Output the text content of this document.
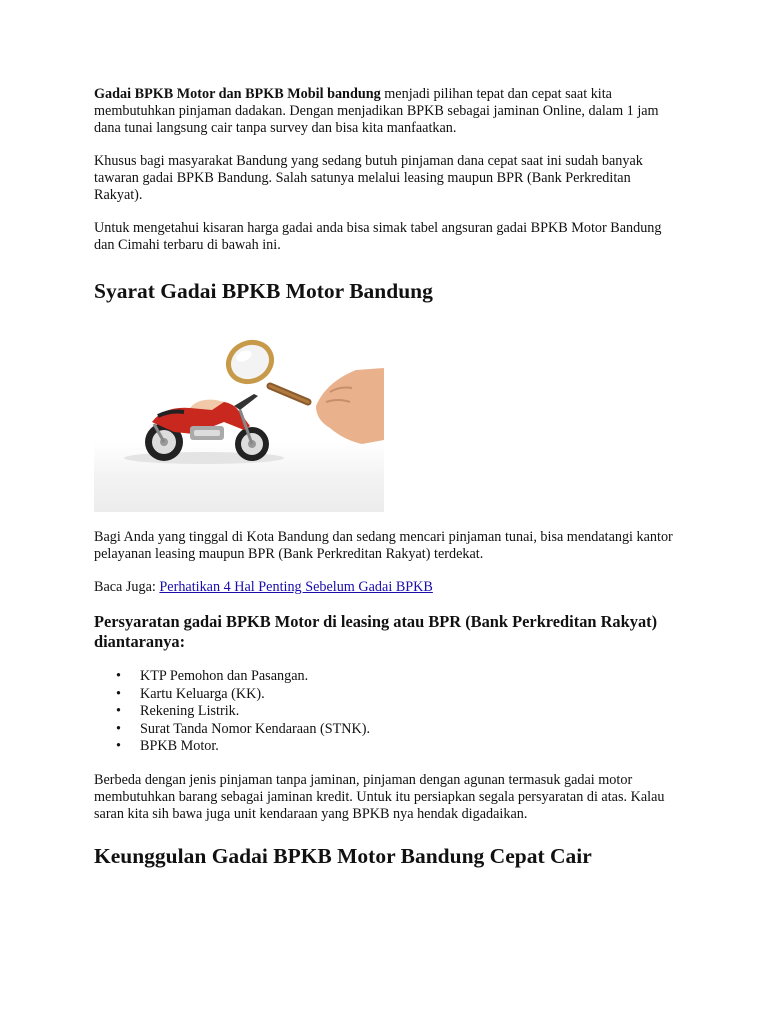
Gadai BPKB Motor dan BPKB Mobil bandung menjadi pilihan tepat dan cepat saat kita membutuhkan pinjaman dadakan. Dengan menjadikan BPKB sebagai jaminan Online, dalam 1 jam dana tunai langsung cair tanpa survey dan bisa kita manfaatkan.

Khusus bagi masyarakat Bandung yang sedang butuh pinjaman dana cepat saat ini sudah banyak tawaran gadai BPKB Bandung. Salah satunya melalui leasing maupun BPR (Bank Perkreditan Rakyat).

Untuk mengetahui kisaran harga gadai anda bisa simak tabel angsuran gadai BPKB Motor Bandung dan Cimahi terbaru di bawah ini.

Syarat Gadai BPKB Motor Bandung

Bagi Anda yang tinggal di Kota Bandung dan sedang mencari pinjaman tunai, bisa mendatangi kantor pelayanan leasing maupun BPR (Bank Perkreditan Rakyat) terdekat.

Baca Juga: Perhatikan 4 Hal Penting Sebelum Gadai BPKB

Persyaratan gadai BPKB Motor di leasing atau BPR (Bank Perkreditan Rakyat) diantaranya:
• KTP Pemohon dan Pasangan.
• Kartu Keluarga (KK).
• Rekening Listrik.
• Surat Tanda Nomor Kendaraan (STNK).
• BPKB Motor.

Berbeda dengan jenis pinjaman tanpa jaminan, pinjaman dengan agunan termasuk gadai motor membutuhkan barang sebagai jaminan kredit. Untuk itu persiapkan segala persyaratan di atas. Kalau saran kita sih bawa juga unit kendaraan yang BPKB nya hendak digadaikan.

Keunggulan Gadai BPKB Motor Bandung Cepat Cair
